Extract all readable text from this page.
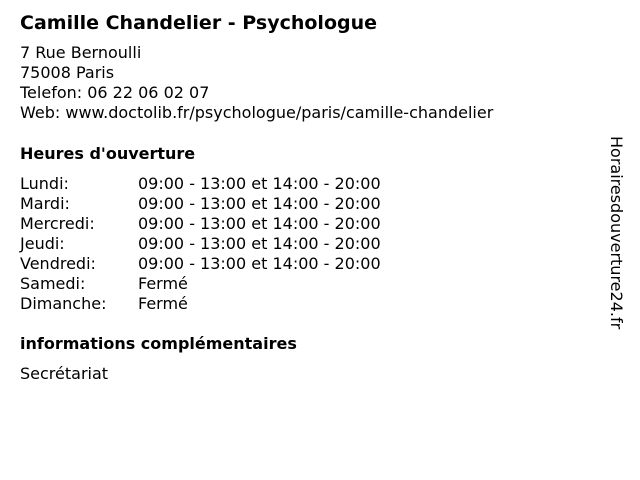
Camille Chandelier - Psychologue
7 Rue Bernoulli
75008 Paris
Telefon: 06 22 06 02 07
Web: www.doctolib.fr/psychologue/paris/camille-chandelier
Heures d'ouverture
Lundi:	09:00 - 13:00 et 14:00 - 20:00
Mardi:	09:00 - 13:00 et 14:00 - 20:00
Mercredi:	09:00 - 13:00 et 14:00 - 20:00
Jeudi:	09:00 - 13:00 et 14:00 - 20:00
Vendredi:	09:00 - 13:00 et 14:00 - 20:00
Samedi:	Fermé
Dimanche: Fermé
informations complémentaires
Secrétariat
Horairesdouverture24.fr
